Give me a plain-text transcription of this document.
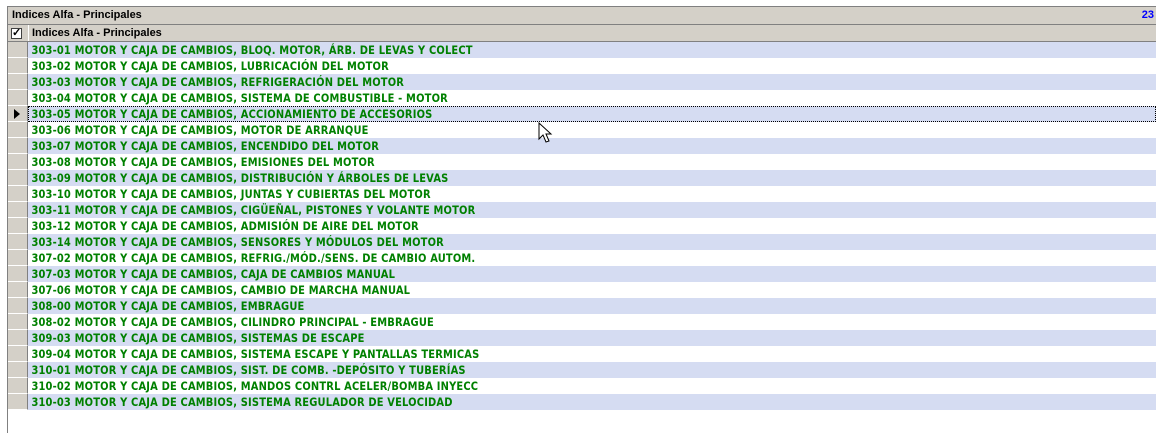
Indices Alfa - Principales	23
✓ Indices Alfa - Principales
303-01 MOTOR Y CAJA DE CAMBIOS, BLOQ. MOTOR, ÁRB. DE LEVAS Y COLECT
303-02 MOTOR Y CAJA DE CAMBIOS, LUBRICACIÓN DEL MOTOR
303-03 MOTOR Y CAJA DE CAMBIOS, REFRIGERACIÓN DEL MOTOR
303-04 MOTOR Y CAJA DE CAMBIOS, SISTEMA DE COMBUSTIBLE - MOTOR
303-05 MOTOR Y CAJA DE CAMBIOS, ACCIONAMIENTO DE ACCESORIOS
303-06 MOTOR Y CAJA DE CAMBIOS, MOTOR DE ARRANQUE
303-07 MOTOR Y CAJA DE CAMBIOS, ENCENDIDO DEL MOTOR
303-08 MOTOR Y CAJA DE CAMBIOS, EMISIONES DEL MOTOR
303-09 MOTOR Y CAJA DE CAMBIOS, DISTRIBUCIÓN Y ÁRBOLES DE LEVAS
303-10 MOTOR Y CAJA DE CAMBIOS, JUNTAS Y CUBIERTAS DEL MOTOR
303-11 MOTOR Y CAJA DE CAMBIOS, CIGÜEÑAL, PISTONES Y VOLANTE MOTOR
303-12 MOTOR Y CAJA DE CAMBIOS, ADMISIÓN DE AIRE DEL MOTOR
303-14 MOTOR Y CAJA DE CAMBIOS, SENSORES Y MÓDULOS DEL MOTOR
307-02 MOTOR Y CAJA DE CAMBIOS, REFRIG./MÓD./SENS. DE CAMBIO AUTOM.
307-03 MOTOR Y CAJA DE CAMBIOS, CAJA DE CAMBIOS MANUAL
307-06 MOTOR Y CAJA DE CAMBIOS, CAMBIO DE MARCHA MANUAL
308-00 MOTOR Y CAJA DE CAMBIOS, EMBRAGUE
308-02 MOTOR Y CAJA DE CAMBIOS, CILINDRO PRINCIPAL - EMBRAGUE
309-03 MOTOR Y CAJA DE CAMBIOS, SISTEMAS DE ESCAPE
309-04 MOTOR Y CAJA DE CAMBIOS, SISTEMA ESCAPE Y PANTALLAS TERMICAS
310-01 MOTOR Y CAJA DE CAMBIOS, SIST. DE COMB. -DEPÓSITO Y TUBERÍAS
310-02 MOTOR Y CAJA DE CAMBIOS, MANDOS CONTRL ACELER/BOMBA INYECC
310-03 MOTOR Y CAJA DE CAMBIOS, SISTEMA REGULADOR DE VELOCIDAD
